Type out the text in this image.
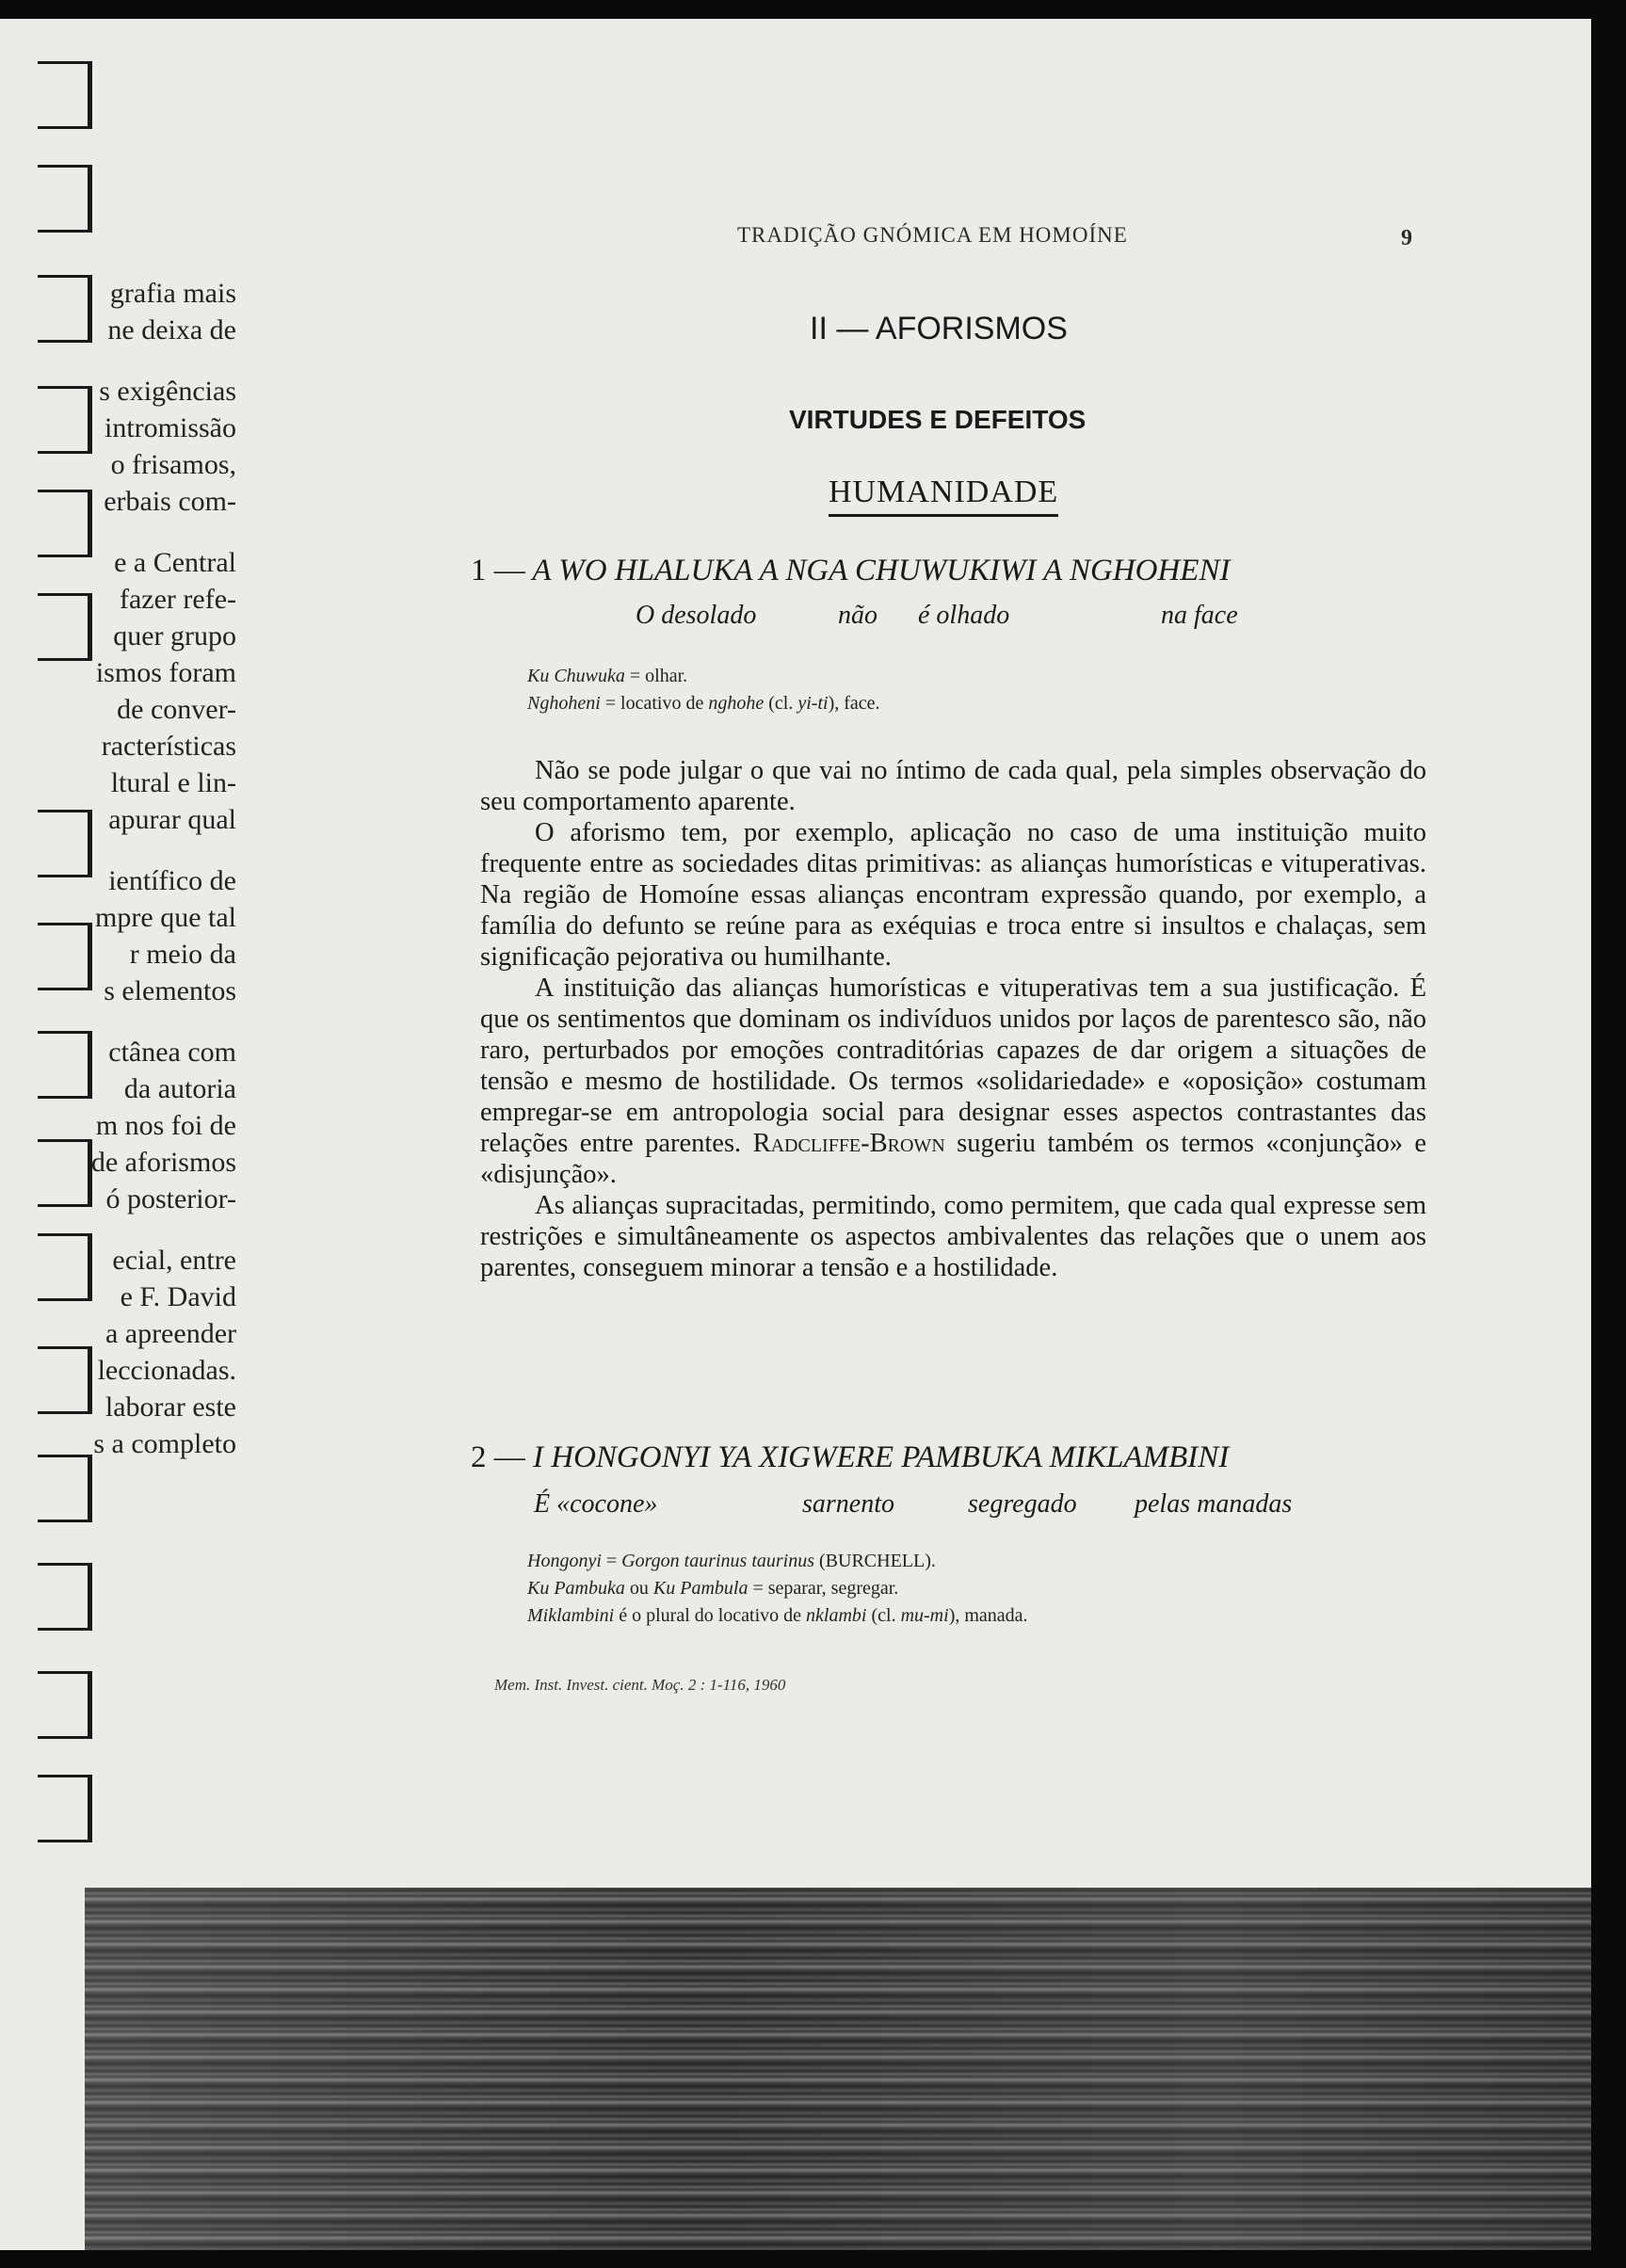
grafia mais
ne deixa de
s exigências
intromissão
o frisamos,
erbais com-
e a Central
fazer refe-
quer grupo
ismos foram
de conver-
racterísticas
ltural e lin-
apurar qual
ientífico de
mpre que tal
r meio da
s elementos
ctânea com
da autoria
m nos foi de
de aforismos
ó posterior-
ecial, entre
e F. David
a apreender
leccionadas.
laborar este
s a completo
TRADIÇÃO GNÓMICA EM HOMOÍNE	9
II — AFORISMOS
VIRTUDES E DEFEITOS
HUMANIDADE
1 — A WO HLALUKA A NGA CHUWUKIWI A NGHOHENI
O desolado	não é olhado	na face
Ku Chuwuka = olhar.
Nghoheni = locativo de nghohe (cl. yi-ti), face.

Não se pode julgar o que vai no íntimo de cada qual, pela simples observação do seu comportamento aparente.

O aforismo tem, por exemplo, aplicação no caso de uma instituição muito frequente entre as sociedades ditas primitivas: as alianças humorísticas e vituperativas. Na região de Homoíne essas alianças encontram expressão quando, por exemplo, a família do defunto se reúne para as exéquias e troca entre si insultos e chalaças, sem significação pejorativa ou humilhante.

A instituição das alianças humorísticas e vituperativas tem a sua justificação. É que os sentimentos que dominam os indivíduos unidos por laços de parentesco são, não raro, perturbados por emoções contraditórias capazes de dar origem a situações de tensão e mesmo de hostilidade. Os termos «solidariedade» e «oposição» costumam empregar-se em antropologia social para designar esses aspectos contrastantes das relações entre parentes. Radcliffe-Brown sugeriu também os termos «conjunção» e «disjunção».

As alianças supracitadas, permitindo, como permitem, que cada qual expresse sem restrições e simultâneamente os aspectos ambivalentes das relações que o unem aos parentes, conseguem minorar a tensão e a hostilidade.

2 — I HONGONYI YA XIGWERE PAMBUKA MIKLAMBINI
É «cocone»	sarnento	segregado pelas manadas
Hongonyi = Gorgon taurinus taurinus (BURCHELL).
Ku Pambuka ou Ku Pambula = separar, segregar.
Miklambini é o plural do locativo de nklambi (cl. mu-mi), manada.
Mem. Inst. Invest. cient. Moç. 2 : 1-116, 1960
